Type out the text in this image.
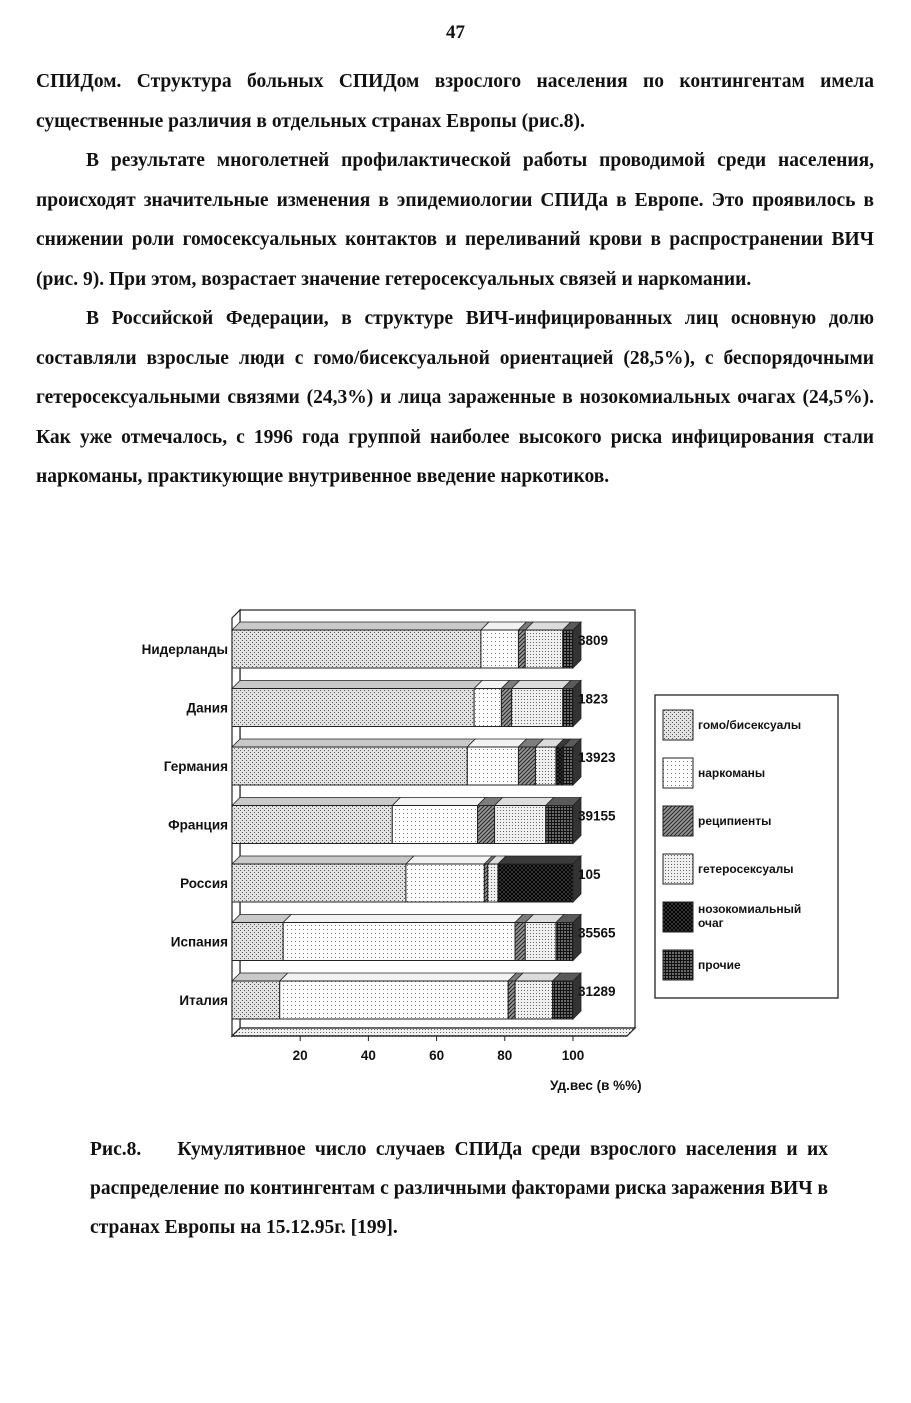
47

СПИДом. Структура больных СПИДом взрослого населения по контингентам имела существенные различия в отдельных странах Европы (рис.8).

В результате многолетней профилактической работы проводимой среди населения, происходят значительные изменения в эпидемиологии СПИДа в Европе. Это проявилось в снижении роли гомосексуальных контактов и переливаний крови в распространении ВИЧ (рис. 9). При этом, возрастает значение гетеросексуальных связей и наркомании.

В Российской Федерации, в структуре ВИЧ-инфицированных лиц основную долю составляли взрослые люди с гомо/бисексуальной ориентацией (28,5%), с беспорядочными гетеросексуальными связями (24,3%) и лица зараженные в нозокомиальных очагах (24,5%). Как уже отмечалось, с 1996 года группой наиболее высокого риска инфицирования стали наркоманы, практикующие внутривенное введение наркотиков.

Нидерланды
3809
Дания
1823
Германия
13923
Франция
39155
Россия
105
Испания
35565
Италия
31289
20	40	60	80	100
Уд.вес (в %%)
гомо/бисексуалы
наркоманы
реципиенты
гетеросексуалы
нозокомиальный очаг
прочие
Рис.8. Кумулятивное число случаев СПИДа среди взрослого населения и их распределение по контингентам с различными факторами риска заражения ВИЧ в странах Европы на 15.12.95г. [199].
